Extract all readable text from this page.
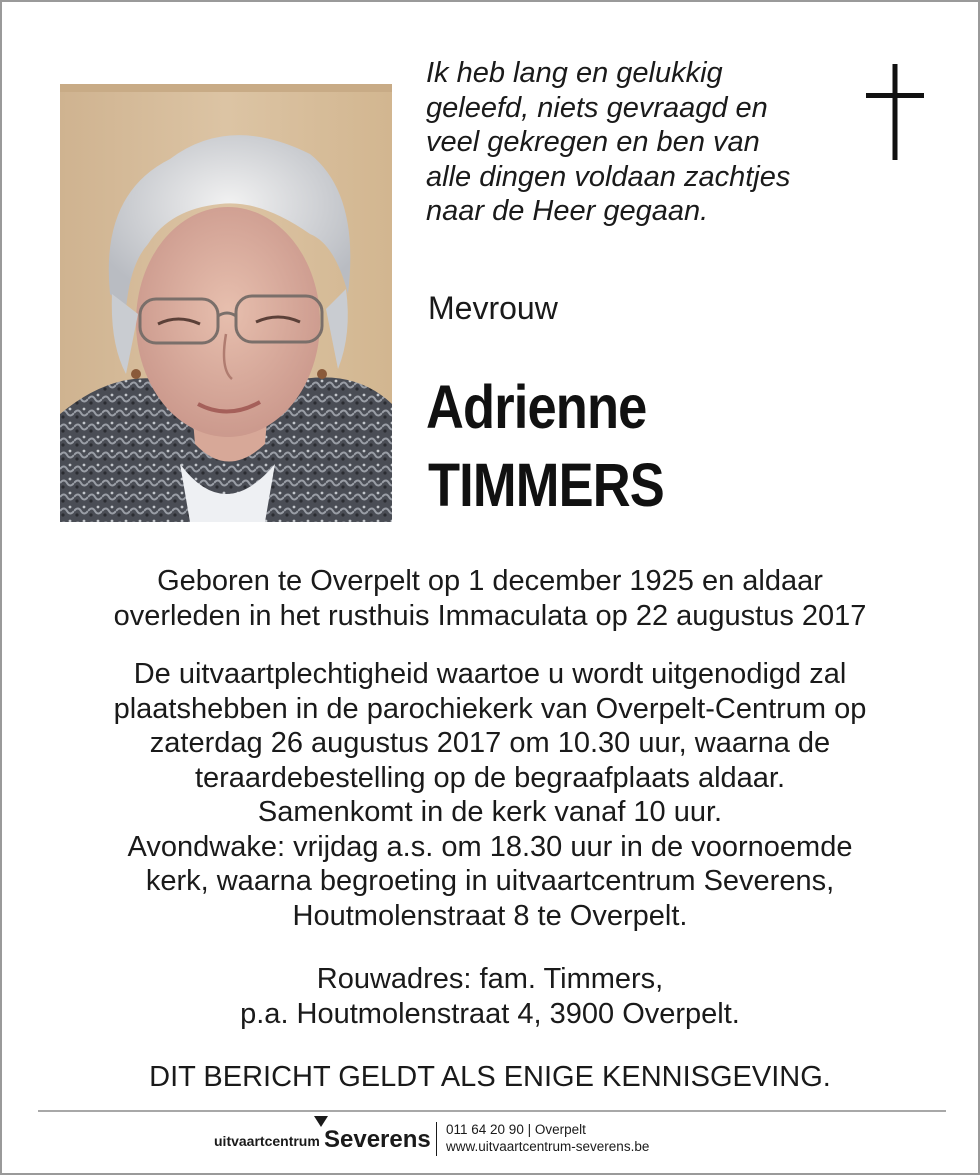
Ik heb lang en gelukkig
geleefd, niets gevraagd en
veel gekregen en ben van
alle dingen voldaan zachtjes
naar de Heer gegaan.
Mevrouw
Adrienne
TIMMERS
Geboren te Overpelt op 1 december 1925 en aldaar
overleden in het rusthuis Immaculata op 22 augustus 2017
De uitvaartplechtigheid waartoe u wordt uitgenodigd zal
plaatshebben in de parochiekerk van Overpelt-Centrum op
zaterdag 26 augustus 2017 om 10.30 uur, waarna de
teraardebestelling op de begraafplaats aldaar.
Samenkomt in de kerk vanaf 10 uur.
Avondwake: vrijdag a.s. om 18.30 uur in de voornoemde
kerk, waarna begroeting in uitvaartcentrum Severens,
Houtmolenstraat 8 te Overpelt.
Rouwadres: fam. Timmers,
p.a. Houtmolenstraat 4, 3900 Overpelt.
DIT BERICHT GELDT ALS ENIGE KENNISGEVING.
uitvaartcentrum Severens 011 64 20 90 | Overpelt
www.uitvaartcentrum-severens.be
